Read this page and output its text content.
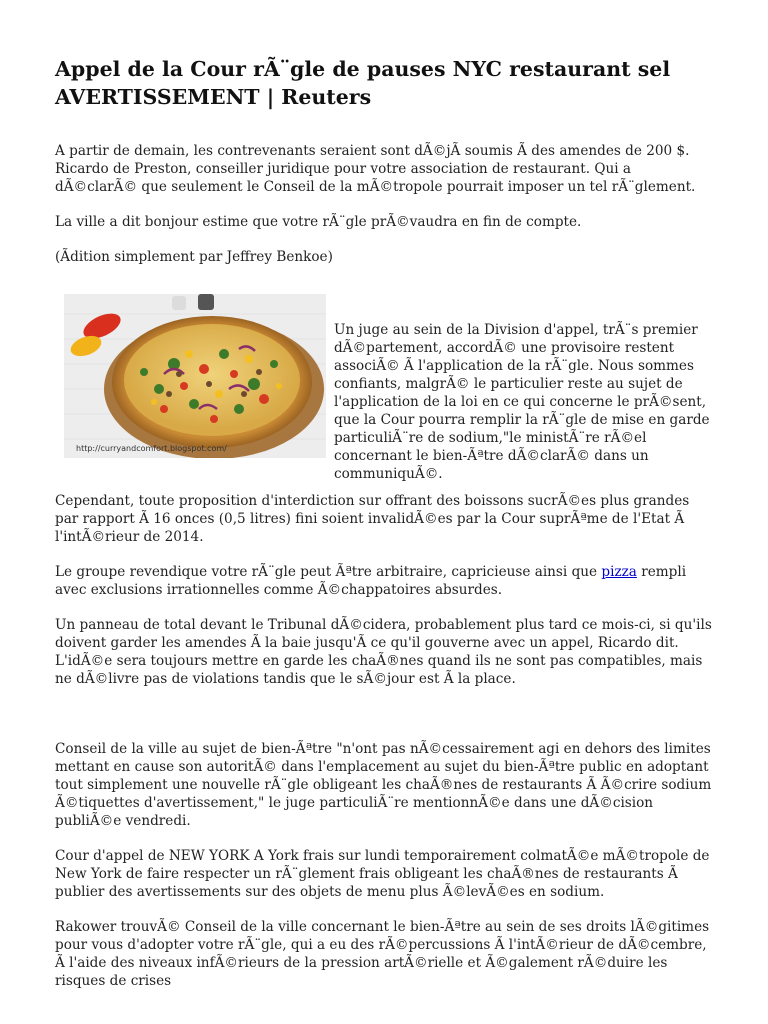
Appel de la Cour rÃ¨gle de pauses NYC restaurant sel AVERTISSEMENT | Reuters

A partir de demain, les contrevenants seraient sont dÃ©jÃ soumis Ã des amendes de 200 $. Ricardo de Preston, conseiller juridique pour votre association de restaurant. Qui a dÃ©clarÃ© que seulement le Conseil de la mÃ©tropole pourrait imposer un tel rÃ¨glement.

La ville a dit bonjour estime que votre rÃ¨gle prÃ©vaudra en fin de compte.

(Ãdition simplement par Jeffrey Benkoe)

http://curryandcomfort.blogspot.com/

Un juge au sein de la Division d'appel, trÃ¨s premier dÃ©partement, accordÃ© une provisoire restent associÃ© Ã l'application de la rÃ¨gle. Nous sommes confiants, malgrÃ© le particulier reste au sujet de l'application de la loi en ce qui concerne le prÃ©sent, que la Cour pourra remplir la rÃ¨gle de mise en garde particuliÃ¨re de sodium,"le ministÃ¨re rÃ©el concernant le bien-Ãªtre dÃ©clarÃ© dans un communiquÃ©.

Cependant, toute proposition d'interdiction sur offrant des boissons sucrÃ©es plus grandes par rapport Ã 16 onces (0,5 litres) fini soient invalidÃ©es par la Cour suprÃªme de l'Etat Ã l'intÃ©rieur de 2014.

Le groupe revendique votre rÃ¨gle peut Ãªtre arbitraire, capricieuse ainsi que pizza rempli avec exclusions irrationnelles comme Ã©chappatoires absurdes.

Un panneau de total devant le Tribunal dÃ©cidera, probablement plus tard ce mois-ci, si qu'ils doivent garder les amendes Ã la baie jusqu'Ã ce qu'il gouverne avec un appel, Ricardo dit. L'idÃ©e sera toujours mettre en garde les chaÃ®nes quand ils ne sont pas compatibles, mais ne dÃ©livre pas de violations tandis que le sÃ©jour est Ã la place.

Conseil de la ville au sujet de bien-Ãªtre "n'ont pas nÃ©cessairement agi en dehors des limites mettant en cause son autoritÃ© dans l'emplacement au sujet du bien-Ãªtre public en adoptant tout simplement une nouvelle rÃ¨gle obligeant les chaÃ®nes de restaurants Ã Ã©crire sodium Ã©tiquettes d'avertissement," le juge particuliÃ¨re mentionnÃ©e dans une dÃ©cision publiÃ©e vendredi.

Cour d'appel de NEW YORK A York frais sur lundi temporairement colmatÃ©e mÃ©tropole de New York de faire respecter un rÃ¨glement frais obligeant les chaÃ®nes de restaurants Ã publier des avertissements sur des objets de menu plus Ã©levÃ©es en sodium.

Rakower trouvÃ© Conseil de la ville concernant le bien-Ãªtre au sein de ses droits lÃ©gitimes pour vous d'adopter votre rÃ¨gle, qui a eu des rÃ©percussions Ã l'intÃ©rieur de dÃ©cembre, Ã l'aide des niveaux infÃ©rieurs de la pression artÃ©rielle et Ã©galement rÃ©duire les risques de crises
